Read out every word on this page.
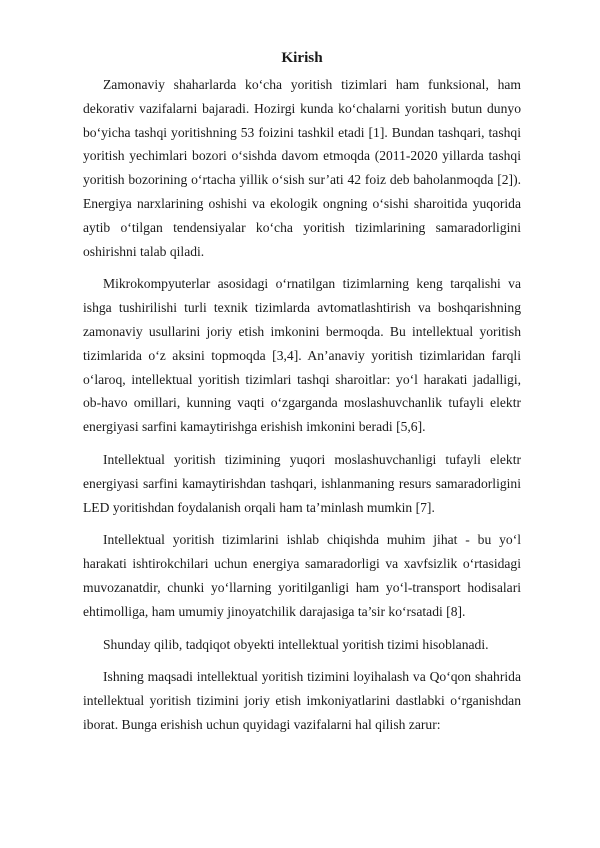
Kirish

Zamonaviy shaharlarda ko‘cha yoritish tizimlari ham funksional, ham dekorativ vazifalarni bajaradi. Hozirgi kunda ko‘chalarni yoritish butun dunyo bo‘yicha tashqi yoritishning 53 foizini tashkil etadi [1]. Bundan tashqari, tashqi yoritish yechimlari bozori o‘sishda davom etmoqda (2011-2020 yillarda tashqi yoritish bozorining o‘rtacha yillik o‘sish sur’ati 42 foiz deb baholanmoqda [2]). Energiya narxlarining oshishi va ekologik ongning o‘sishi sharoitida yuqorida aytib o‘tilgan tendensiyalar ko‘cha yoritish tizimlarining samaradorligini oshirishni talab qiladi.

Mikrokompyuterlar asosidagi o‘rnatilgan tizimlarning keng tarqalishi va ishga tushirilishi turli texnik tizimlarda avtomatlashtirish va boshqarishning zamonaviy usullarini joriy etish imkonini bermoqda. Bu intellektual yoritish tizimlarida o‘z aksini topmoqda [3,4]. An’anaviy yoritish tizimlaridan farqli o‘laroq, intellektual yoritish tizimlari tashqi sharoitlar: yo‘l harakati jadalligi, ob-havo omillari, kunning vaqti o‘zgarganda moslashuvchanlik tufayli elektr energiyasi sarfini kamaytirishga erishish imkonini beradi [5,6].

Intellektual yoritish tizimining yuqori moslashuvchanligi tufayli elektr energiyasi sarfini kamaytirishdan tashqari, ishlanmaning resurs samaradorligini LED yoritishdan foydalanish orqali ham ta’minlash mumkin [7].

Intellektual yoritish tizimlarini ishlab chiqishda muhim jihat - bu yo‘l harakati ishtirokchilari uchun energiya samaradorligi va xavfsizlik o‘rtasidagi muvozanatdir, chunki yo‘llarning yoritilganligi ham yo‘l-transport hodisalari ehtimolliga, ham umumiy jinoyatchilik darajasiga ta’sir ko‘rsatadi [8].

Shunday qilib, tadqiqot obyekti intellektual yoritish tizimi hisoblanadi.

Ishning maqsadi intellektual yoritish tizimini loyihalash va Qo‘qon shahrida intellektual yoritish tizimini joriy etish imkoniyatlarini dastlabki o‘rganishdan iborat. Bunga erishish uchun quyidagi vazifalarni hal qilish zarur:
